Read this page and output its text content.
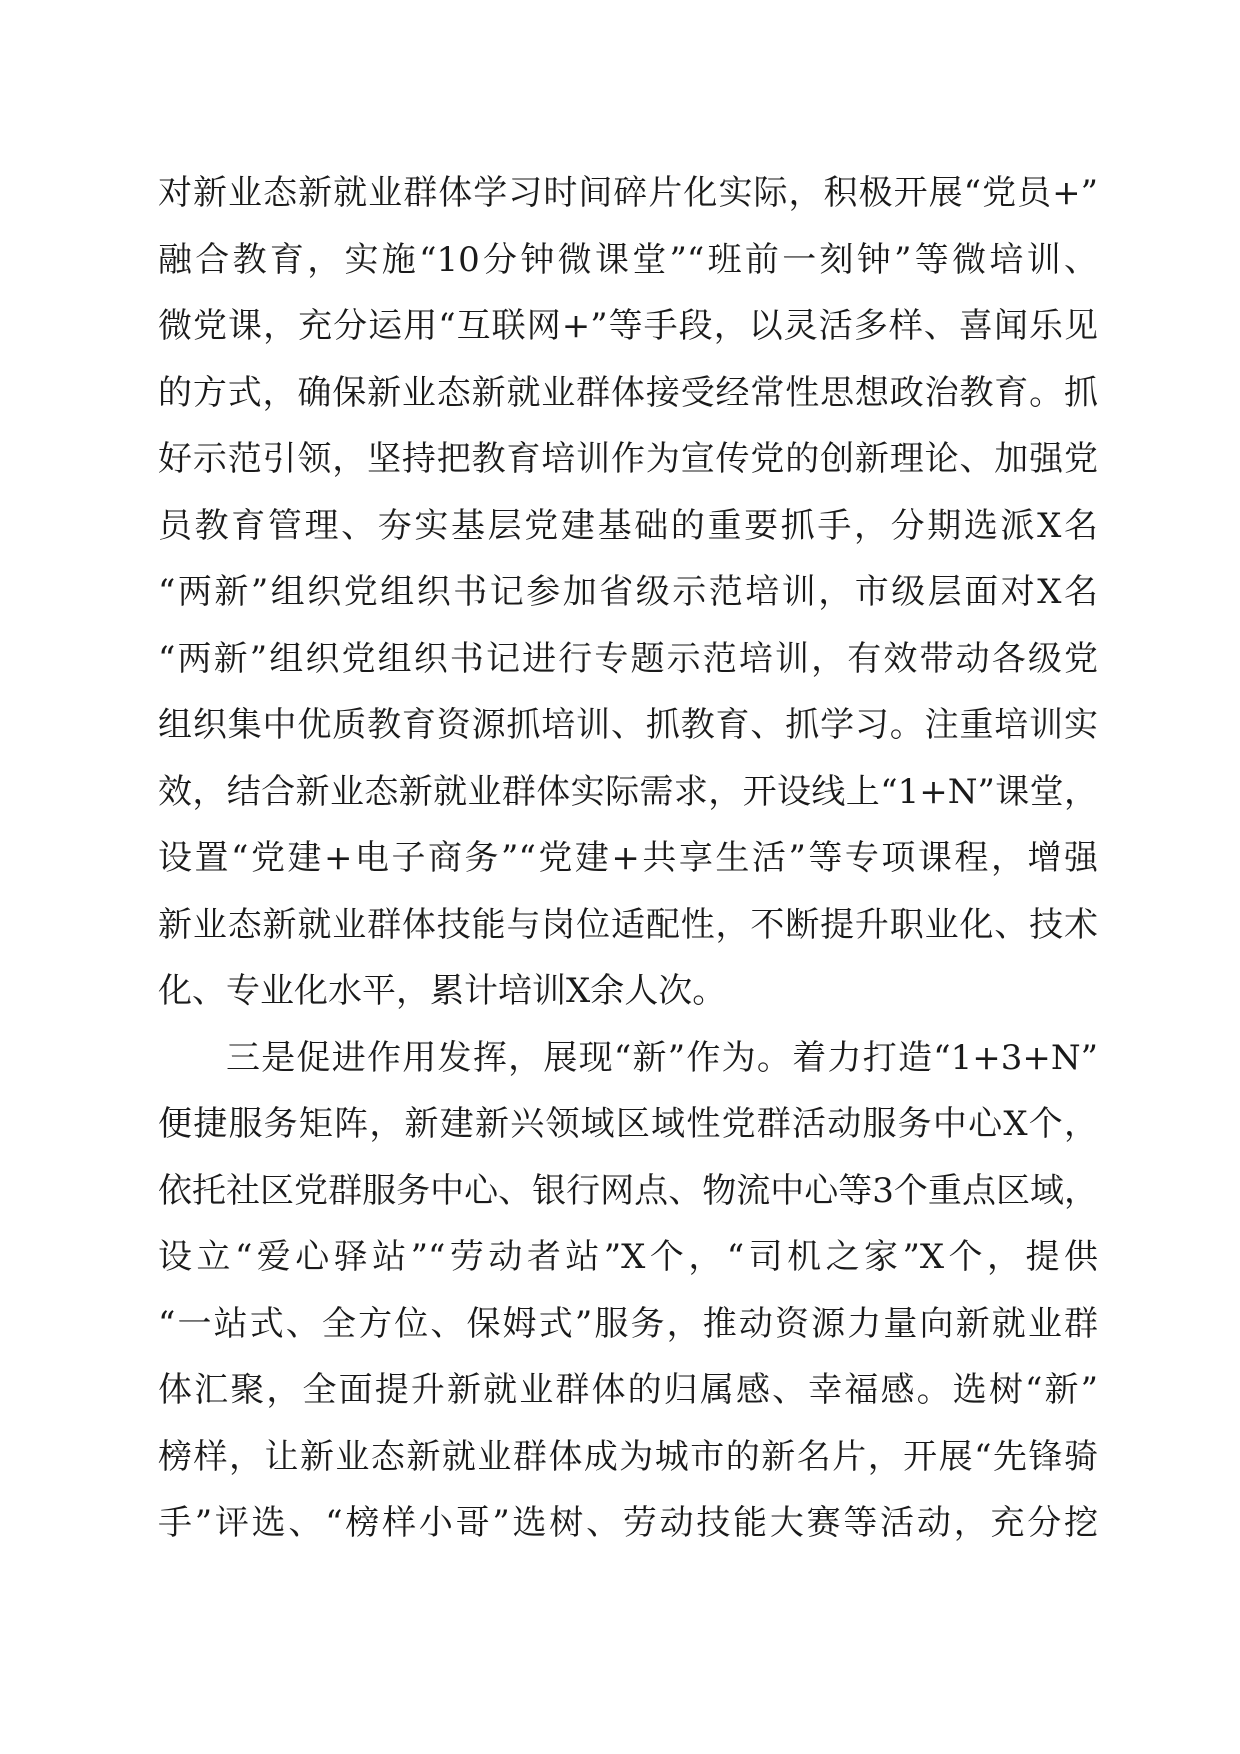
对新业态新就业群体学习时间碎片化实际，积极开展“党员+”
融合教育，实施“10分钟微课堂”“班前一刻钟”等微培训、
微党课，充分运用“互联网+”等手段，以灵活多样、喜闻乐见
的方式，确保新业态新就业群体接受经常性思想政治教育。抓
好示范引领，坚持把教育培训作为宣传党的创新理论、加强党
员教育管理、夯实基层党建基础的重要抓手，分期选派X名
“两新”组织党组织书记参加省级示范培训，市级层面对X名
“两新”组织党组织书记进行专题示范培训，有效带动各级党
组织集中优质教育资源抓培训、抓教育、抓学习。注重培训实
效，结合新业态新就业群体实际需求，开设线上“1+N”课堂，
设置“党建+电子商务”“党建+共享生活”等专项课程，增强
新业态新就业群体技能与岗位适配性，不断提升职业化、技术
化、专业化水平，累计培训X余人次。
三是促进作用发挥，展现“新”作为。着力打造“1+3+N”
便捷服务矩阵，新建新兴领域区域性党群活动服务中心X个，
依托社区党群服务中心、银行网点、物流中心等3个重点区域，
设立“爱心驿站”“劳动者站”X个，“司机之家”X个，提供
“一站式、全方位、保姆式”服务，推动资源力量向新就业群
体汇聚，全面提升新就业群体的归属感、幸福感。选树“新”
榜样，让新业态新就业群体成为城市的新名片，开展“先锋骑
手”评选、“榜样小哥”选树、劳动技能大赛等活动，充分挖
